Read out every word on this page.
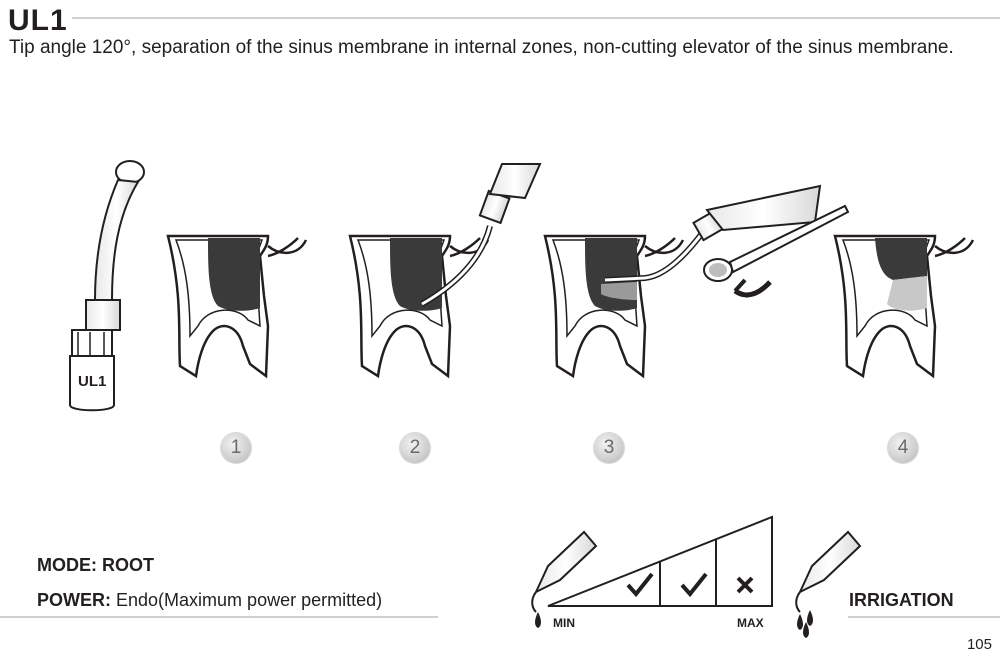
UL1
Tip angle 120°, separation of the sinus membrane in internal zones, non-cutting elevator of the sinus membrane.
1	2	3	4
UL1
MODE: ROOT
POWER: Endo(Maximum power permitted)
MIN	MAX
IRRIGATION
105
